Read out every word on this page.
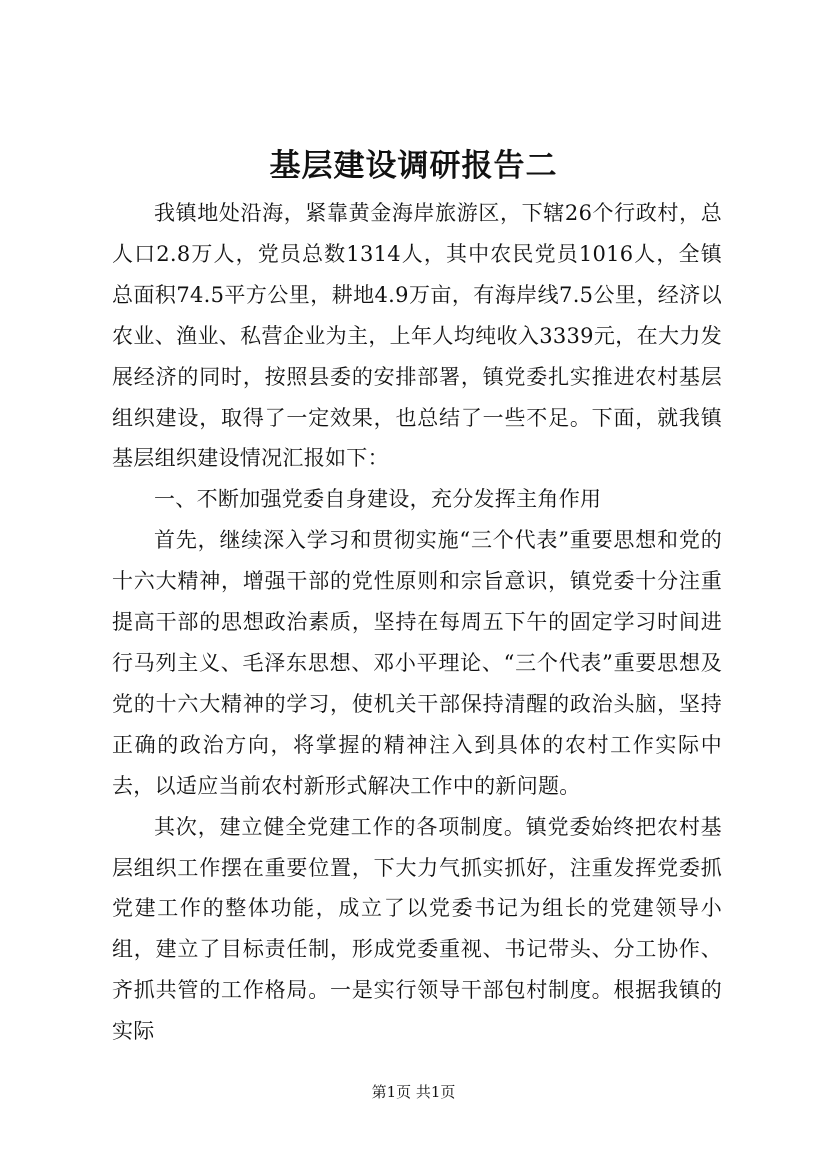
基层建设调研报告二

我镇地处沿海，紧靠黄金海岸旅游区，下辖26个行政村，总人口2.8万人，党员总数1314人，其中农民党员1016人，全镇总面积74.5平方公里，耕地4.9万亩，有海岸线7.5公里，经济以农业、渔业、私营企业为主，上年人均纯收入3339元，在大力发展经济的同时，按照县委的安排部署，镇党委扎实推进农村基层组织建设，取得了一定效果，也总结了一些不足。下面，就我镇基层组织建设情况汇报如下：

一、不断加强党委自身建设，充分发挥主角作用

首先，继续深入学习和贯彻实施“三个代表”重要思想和党的十六大精神，增强干部的党性原则和宗旨意识，镇党委十分注重提高干部的思想政治素质，坚持在每周五下午的固定学习时间进行马列主义、毛泽东思想、邓小平理论、“三个代表”重要思想及党的十六大精神的学习，使机关干部保持清醒的政治头脑，坚持正确的政治方向，将掌握的精神注入到具体的农村工作实际中去，以适应当前农村新形式解决工作中的新问题。

其次，建立健全党建工作的各项制度。镇党委始终把农村基层组织工作摆在重要位置，下大力气抓实抓好，注重发挥党委抓党建工作的整体功能，成立了以党委书记为组长的党建领导小组，建立了目标责任制，形成党委重视、书记带头、分工协作、齐抓共管的工作格局。一是实行领导干部包村制度。根据我镇的实际

第1页 共1页
